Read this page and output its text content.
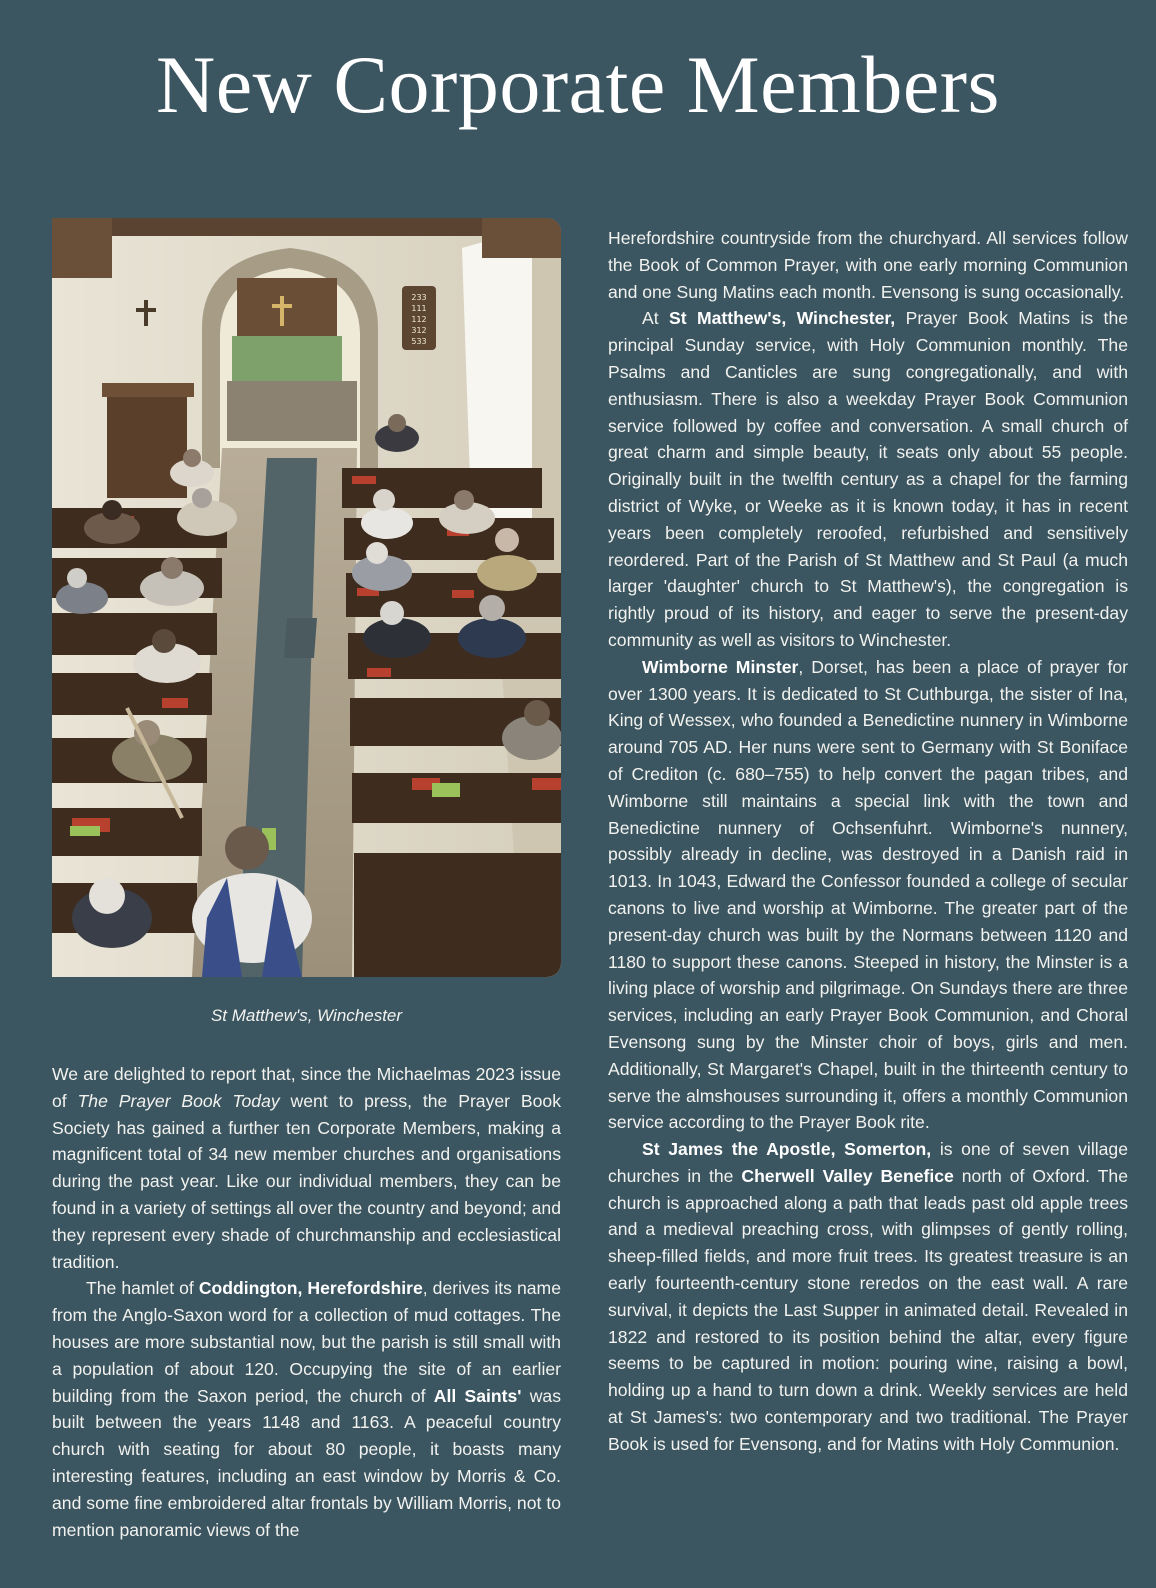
New Corporate Members
233
111
112
312
533
St Matthew's, Winchester

We are delighted to report that, since the Michaelmas 2023 issue of The Prayer Book Today went to press, the Prayer Book Society has gained a further ten Corporate Members, making a magnificent total of 34 new member churches and organisations during the past year. Like our individual members, they can be found in a variety of settings all over the country and beyond; and they represent every shade of churchmanship and ecclesiastical tradition.

The hamlet of Coddington, Herefordshire, derives its name from the Anglo-Saxon word for a collection of mud cottages. The houses are more substantial now, but the parish is still small with a population of about 120. Occupying the site of an earlier building from the Saxon period, the church of All Saints' was built between the years 1148 and 1163. A peaceful country church with seating for about 80 people, it boasts many interesting features, including an east window by Morris & Co. and some fine embroidered altar frontals by William Morris, not to mention panoramic views of the

Herefordshire countryside from the churchyard. All services follow the Book of Common Prayer, with one early morning Communion and one Sung Matins each month. Evensong is sung occasionally.

At St Matthew's, Winchester, Prayer Book Matins is the principal Sunday service, with Holy Communion monthly. The Psalms and Canticles are sung congregationally, and with enthusiasm. There is also a weekday Prayer Book Communion service followed by coffee and conversation. A small church of great charm and simple beauty, it seats only about 55 people. Originally built in the twelfth century as a chapel for the farming district of Wyke, or Weeke as it is known today, it has in recent years been completely reroofed, refurbished and sensitively reordered. Part of the Parish of St Matthew and St Paul (a much larger 'daughter' church to St Matthew's), the congregation is rightly proud of its history, and eager to serve the present-day community as well as visitors to Winchester.

Wimborne Minster, Dorset, has been a place of prayer for over 1300 years. It is dedicated to St Cuthburga, the sister of Ina, King of Wessex, who founded a Benedictine nunnery in Wimborne around 705 AD. Her nuns were sent to Germany with St Boniface of Crediton (c. 680–755) to help convert the pagan tribes, and Wimborne still maintains a special link with the town and Benedictine nunnery of Ochsenfuhrt. Wimborne's nunnery, possibly already in decline, was destroyed in a Danish raid in 1013. In 1043, Edward the Confessor founded a college of secular canons to live and worship at Wimborne. The greater part of the present-day church was built by the Normans between 1120 and 1180 to support these canons. Steeped in history, the Minster is a living place of worship and pilgrimage. On Sundays there are three services, including an early Prayer Book Communion, and Choral Evensong sung by the Minster choir of boys, girls and men. Additionally, St Margaret's Chapel, built in the thirteenth century to serve the almshouses surrounding it, offers a monthly Communion service according to the Prayer Book rite.

St James the Apostle, Somerton, is one of seven village churches in the Cherwell Valley Benefice north of Oxford. The church is approached along a path that leads past old apple trees and a medieval preaching cross, with glimpses of gently rolling, sheep-filled fields, and more fruit trees. Its greatest treasure is an early fourteenth-century stone reredos on the east wall. A rare survival, it depicts the Last Supper in animated detail. Revealed in 1822 and restored to its position behind the altar, every figure seems to be captured in motion: pouring wine, raising a bowl, holding up a hand to turn down a drink. Weekly services are held at St James's: two contemporary and two traditional. The Prayer Book is used for Evensong, and for Matins with Holy Communion.
